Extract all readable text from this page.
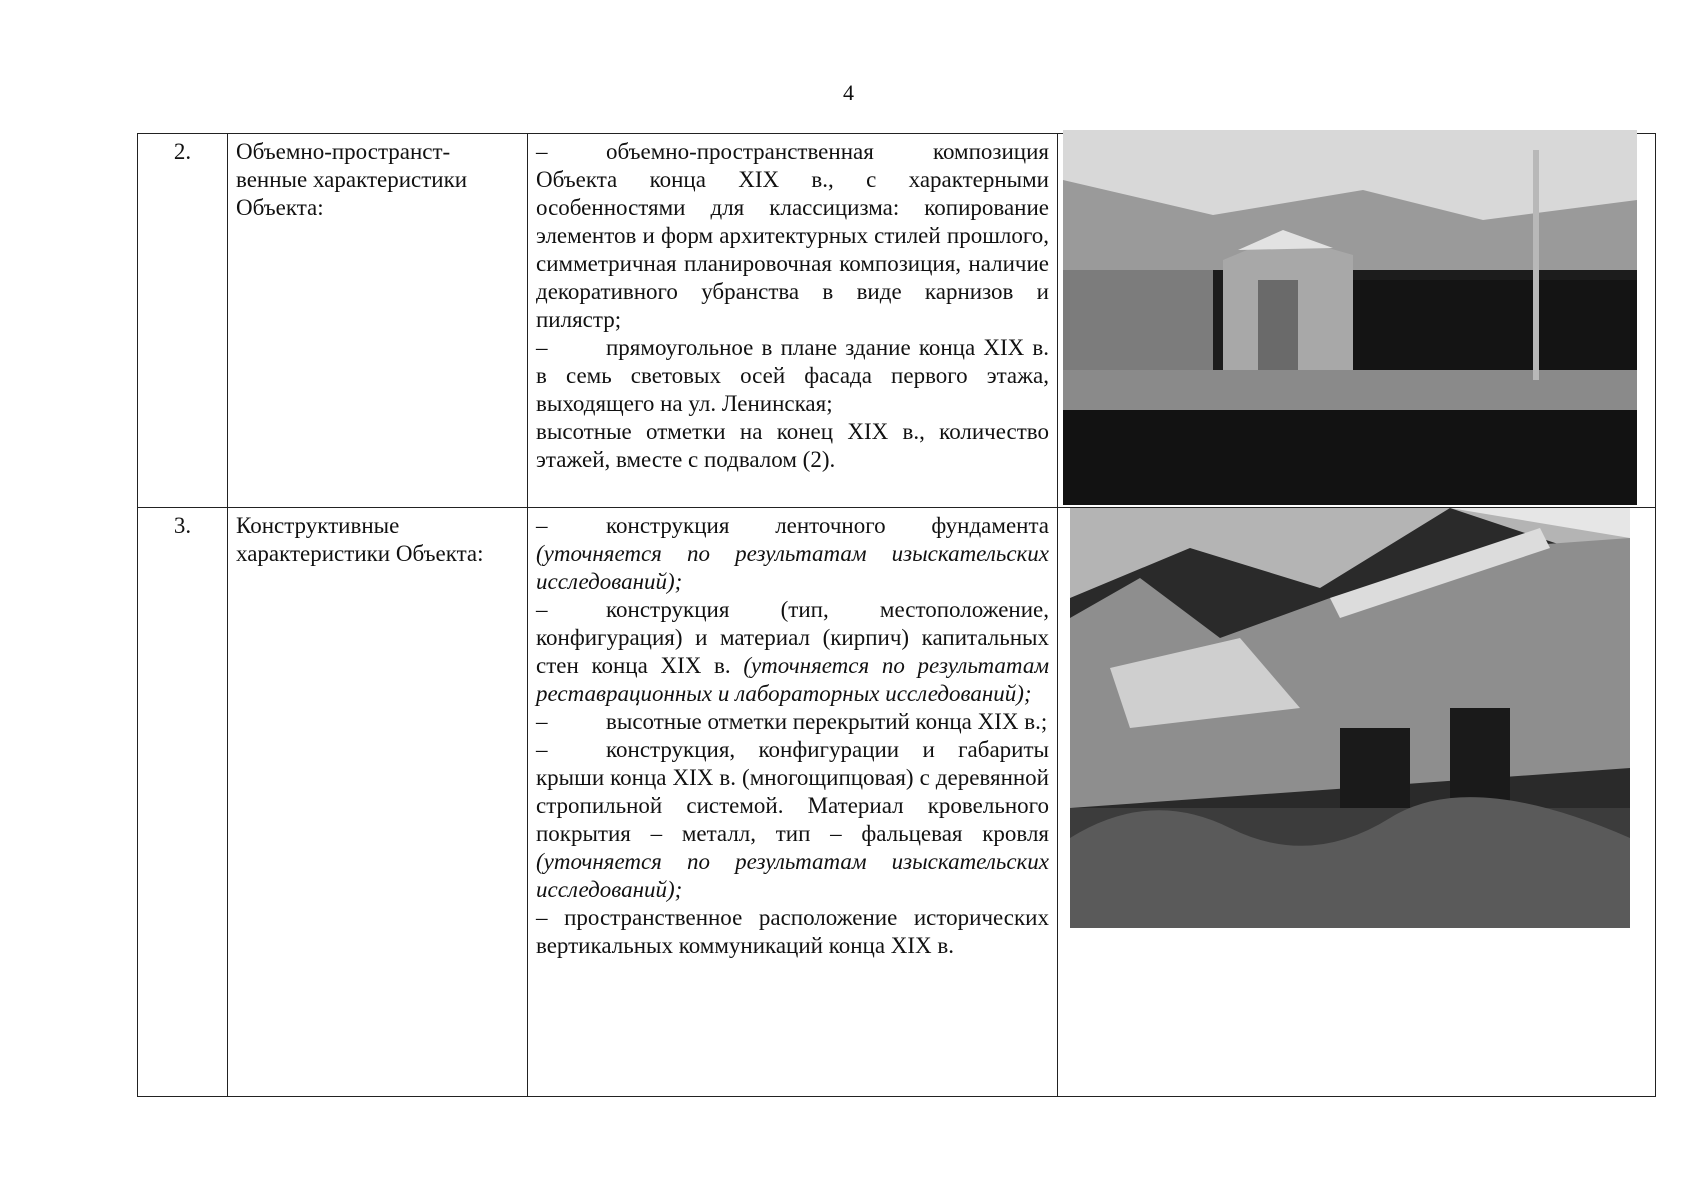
4
2.	Объемно-пространст-венные характеристики Объекта:	– объемно-пространственная композиция Объекта конца XIX в., с характерными особенностями для классицизма: копирование элементов и форм архитектурных стилей прошлого, симметричная планировочная композиция, наличие декоративного убранства в виде карнизов и пилястр;
– прямоугольное в плане здание конца XIX в. в семь световых осей фасада первого этажа, выходящего на ул. Ленинская;
высотные отметки на конец XIX в., количество этажей, вместе с подвалом (2).

3.	Конструктивные характеристики Объекта:	– конструкция ленточного фундамента (уточняется по результатам изыскательских исследований);
– конструкция (тип, местоположение, конфигурация) и материал (кирпич) капитальных стен конца XIX в. (уточняется по результатам реставрационных и лабораторных исследований);
– высотные отметки перекрытий конца XIX в.;
– конструкция, конфигурации и габариты крыши конца XIX в. (многощипцовая) с деревянной стропильной системой. Материал кровельного покрытия – металл, тип – фальцевая кровля (уточняется по результатам изыскательских исследований);
– пространственное расположение исторических вертикальных коммуникаций конца XIX в.
